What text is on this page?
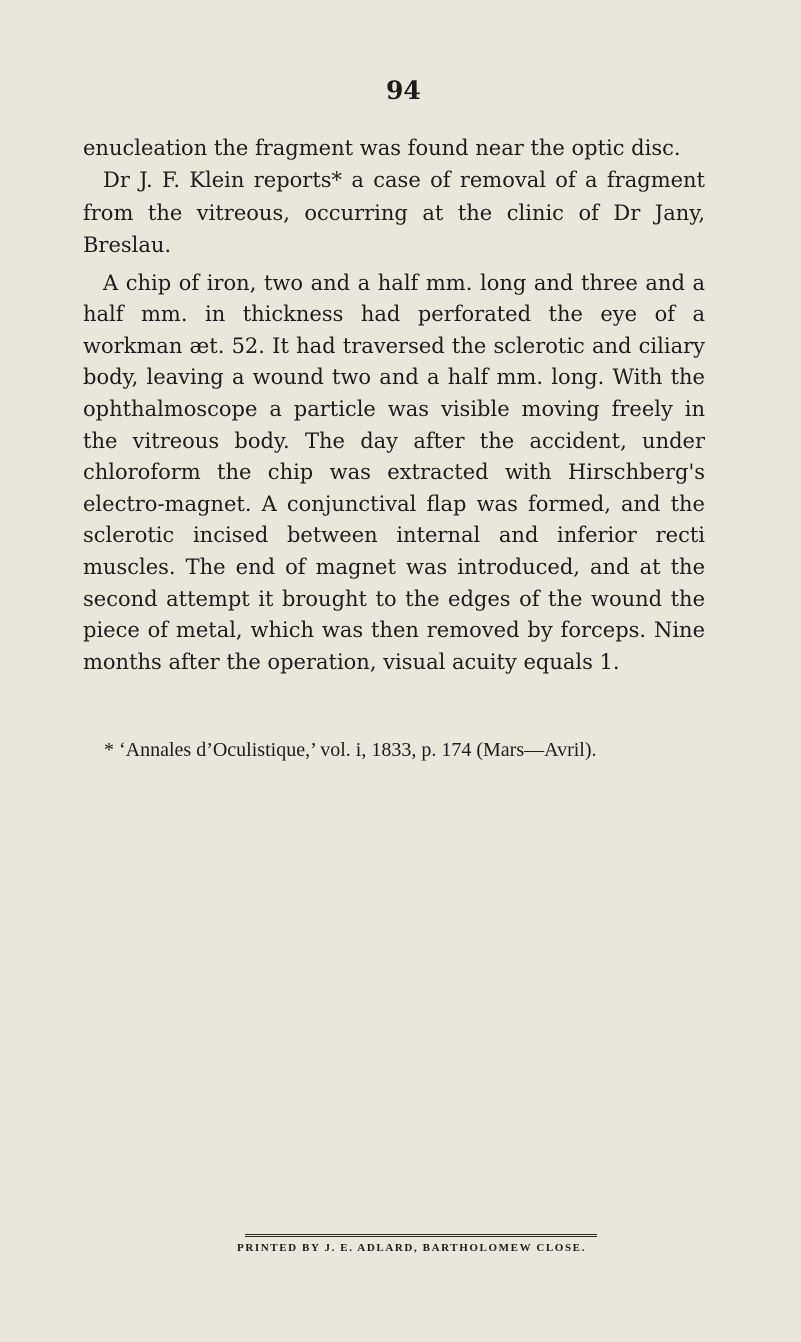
94

enucleation the fragment was found near the optic disc.

Dr J. F. Klein reports* a case of removal of a fragment from the vitreous, occurring at the clinic of Dr Jany, Breslau.

A chip of iron, two and a half mm. long and three and a half mm. in thickness had perforated the eye of a workman ӕt. 52. It had traversed the sclerotic and ciliary body, leaving a wound two and a half mm. long. With the ophthalmoscope a particle was visible moving freely in the vitreous body. The day after the accident, under chloroform the chip was extracted with Hirschberg's electro-magnet. A conjunctival flap was formed, and the sclerotic incised between internal and inferior recti muscles. The end of magnet was introduced, and at the second attempt it brought to the edges of the wound the piece of metal, which was then removed by forceps. Nine months after the operation, visual acuity equals 1.

* ‘Annales d’Oculistique,’ vol. i, 1833, p. 174 (Mars—Avril).
PRINTED BY J. E. ADLARD, BARTHOLOMEW CLOSE.
